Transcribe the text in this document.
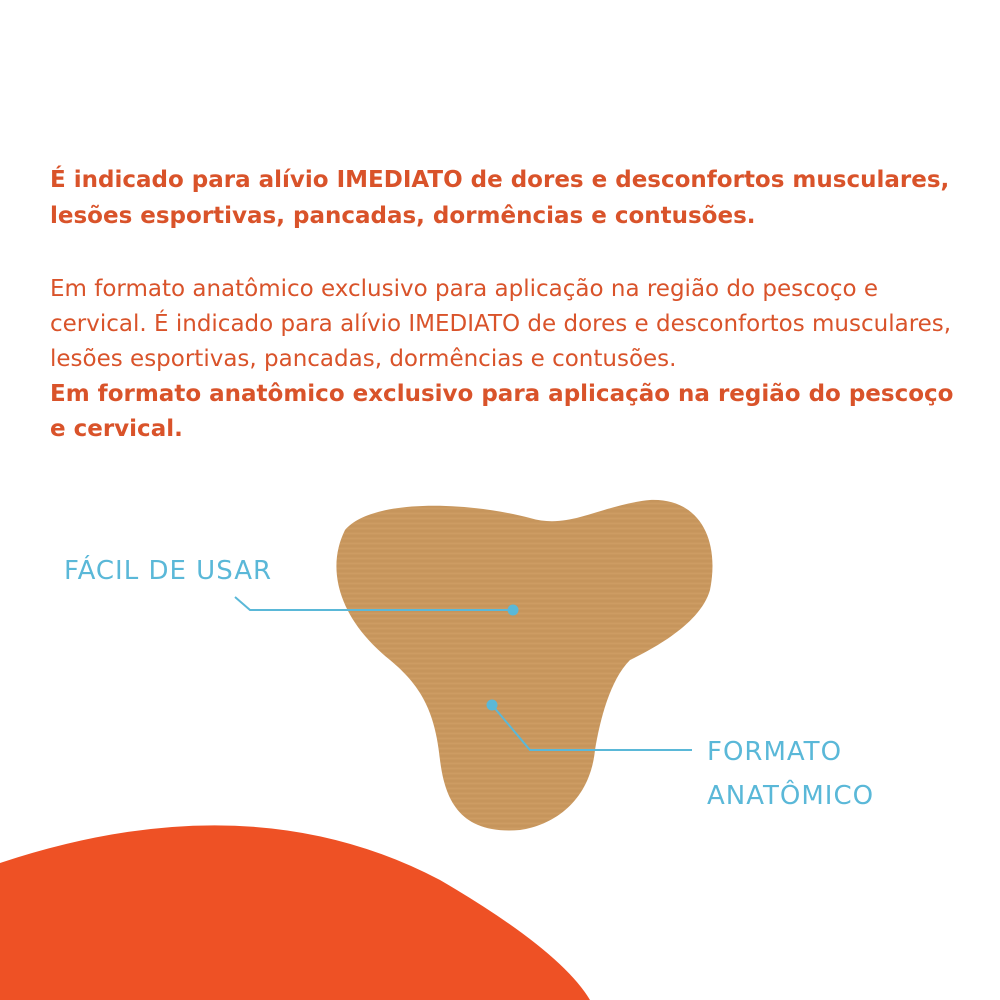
É indicado para alívio IMEDIATO de dores e desconfortos musculares, lesões esportivas, pancadas, dormências e contusões.

Em formato anatômico exclusivo para aplicação na região do pescoço e cervical. É indicado para alívio IMEDIATO de dores e desconfortos musculares, lesões esportivas, pancadas, dormências e contusões.
Em formato anatômico exclusivo para aplicação na região do pescoço e cervical.

FÁCIL DE USAR
FORMATO
ANATÔMICO
